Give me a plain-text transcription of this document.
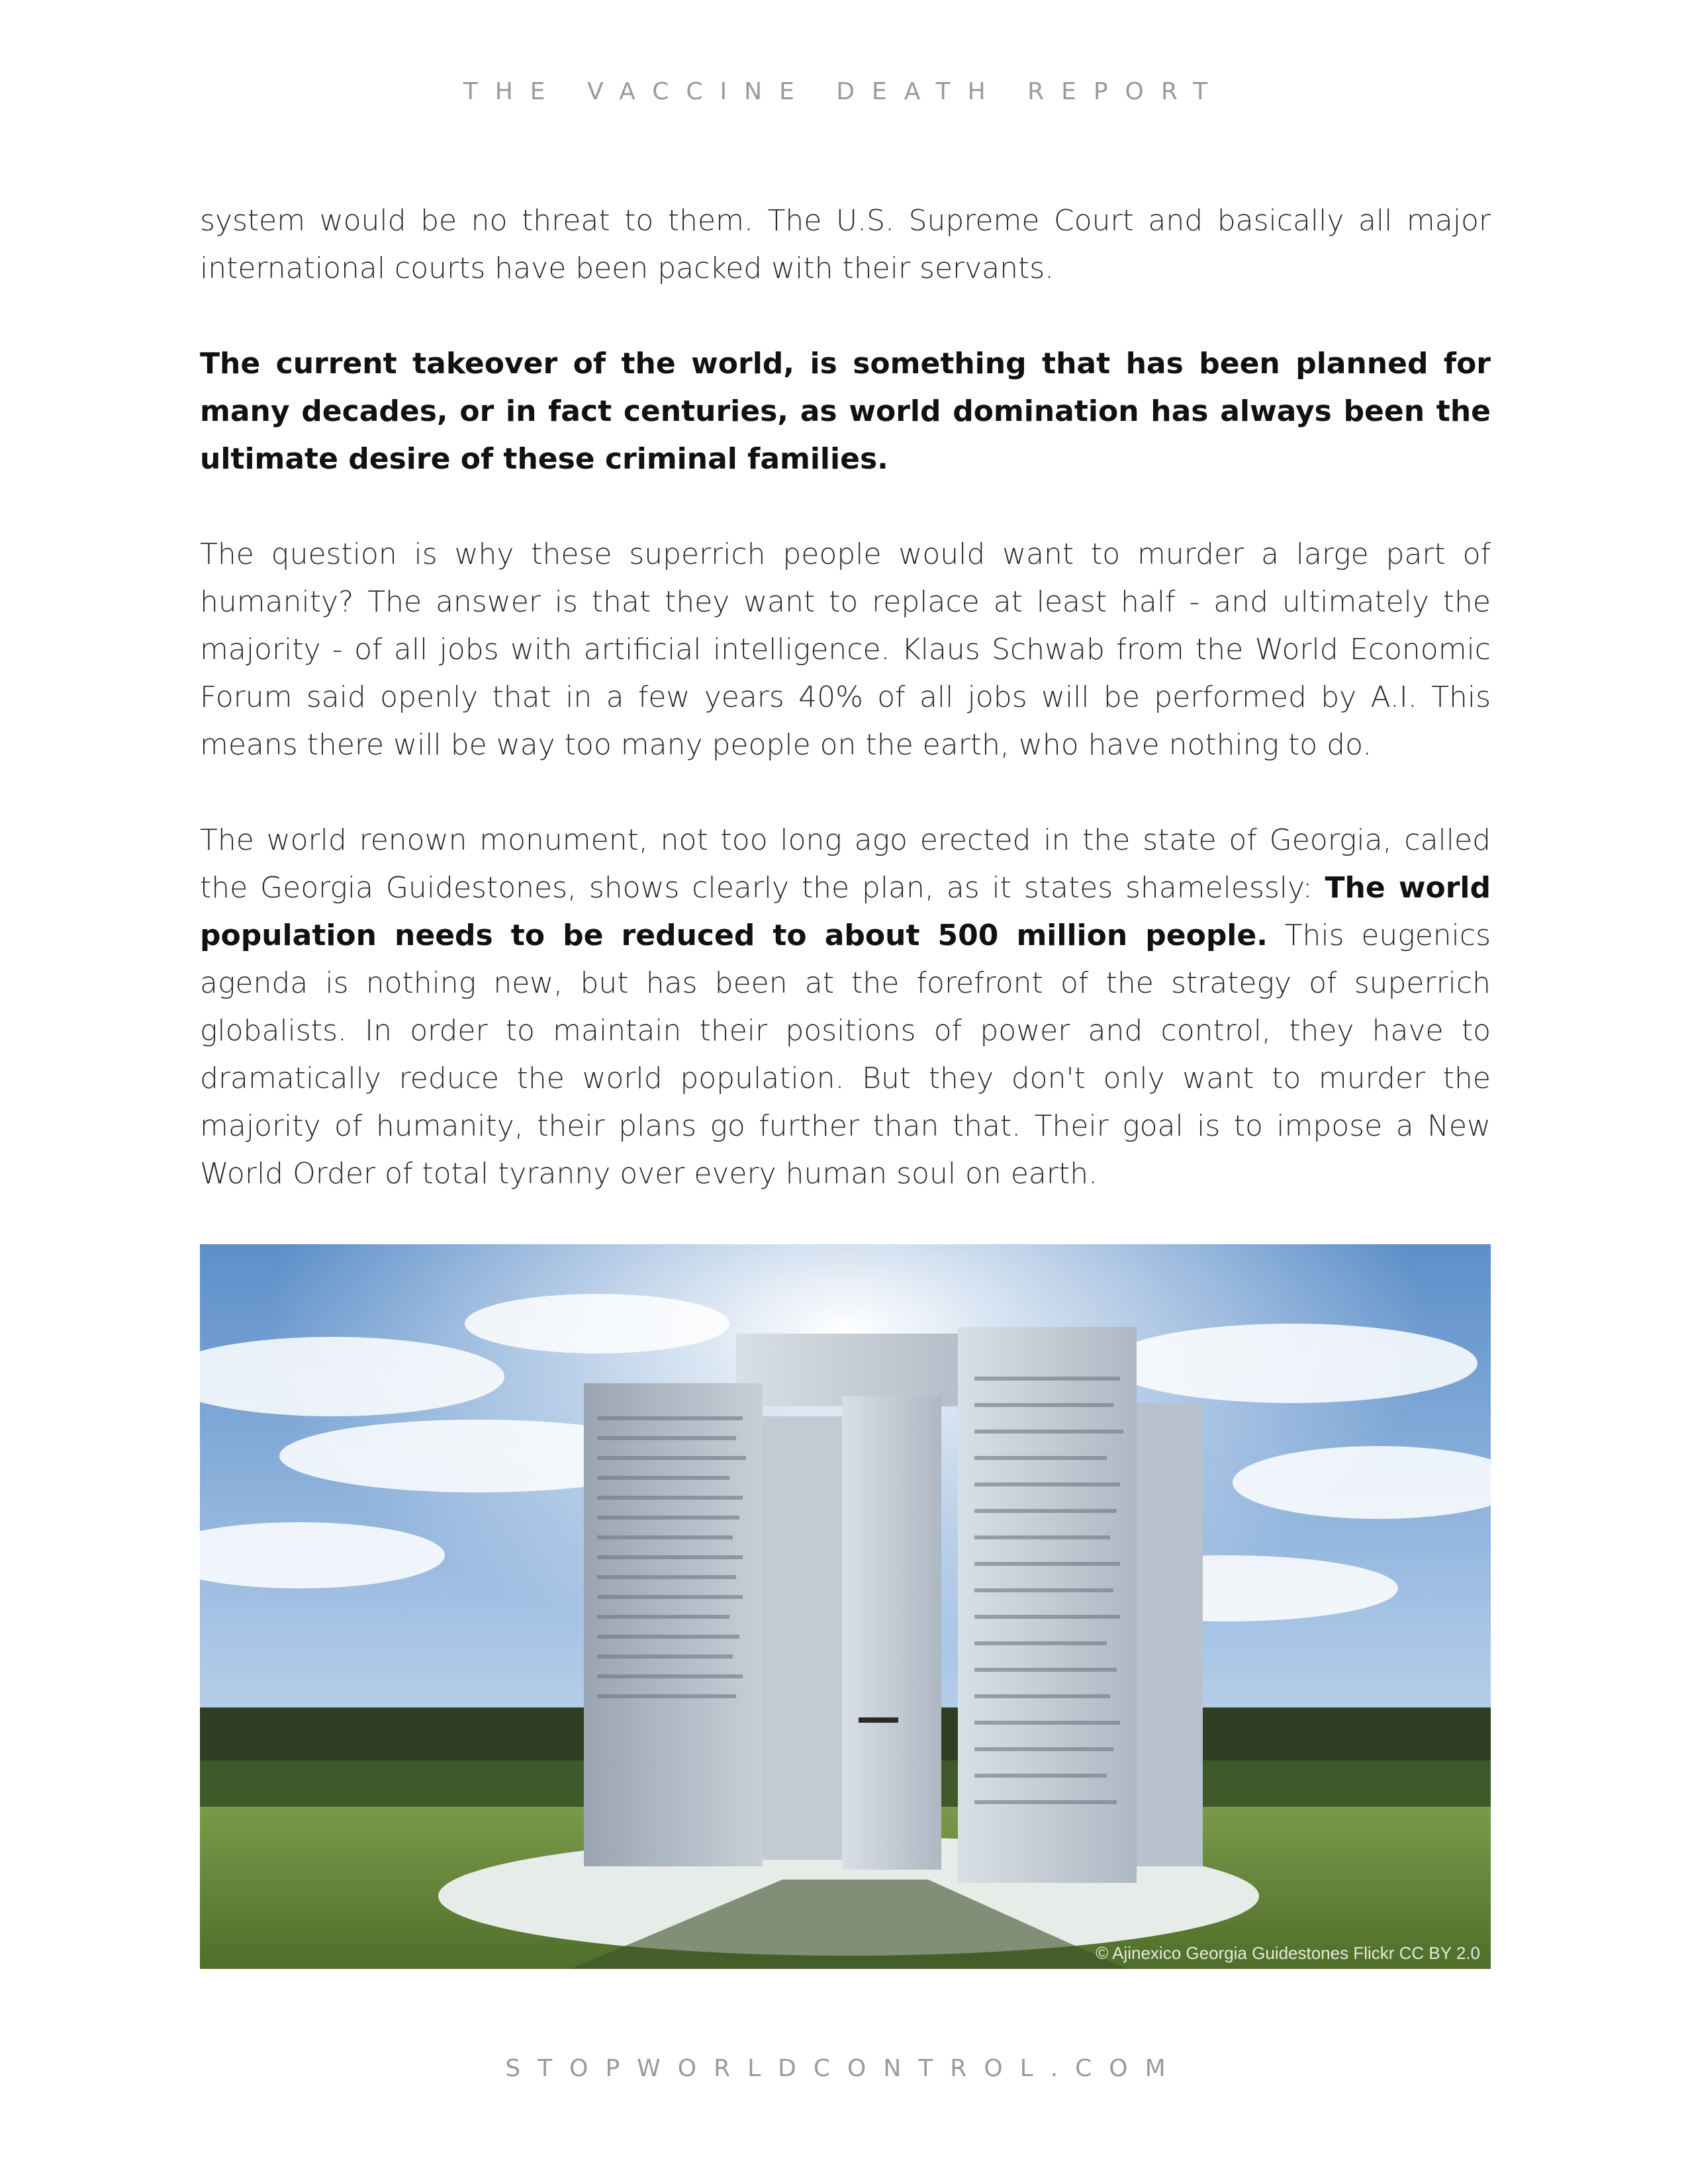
THE VACCINE DEATH REPORT

system would be no threat to them. The U.S. Supreme Court and basically all major international courts have been packed with their servants.

The current takeover of the world, is something that has been planned for many decades, or in fact centuries, as world domination has always been the ultimate desire of these criminal families.

The question is why these superrich people would want to murder a large part of humanity? The answer is that they want to replace at least half - and ultimately the majority - of all jobs with artificial intelligence. Klaus Schwab from the World Economic Forum said openly that in a few years 40% of all jobs will be performed by A.I. This means there will be way too many people on the earth, who have nothing to do.

The world renown monument, not too long ago erected in the state of Georgia, called the Georgia Guidestones, shows clearly the plan, as it states shamelessly: The world population needs to be reduced to about 500 million people. This eugenics agenda is nothing new, but has been at the forefront of the strategy of superrich globalists. In order to maintain their positions of power and control, they have to dramatically reduce the world population. But they don't only want to murder the majority of humanity, their plans go further than that. Their goal is to impose a New World Order of total tyranny over every human soul on earth.

© Ajinexico Georgia Guidestones Flickr CC BY 2.0
STOPWORLDCONTROL.COM
